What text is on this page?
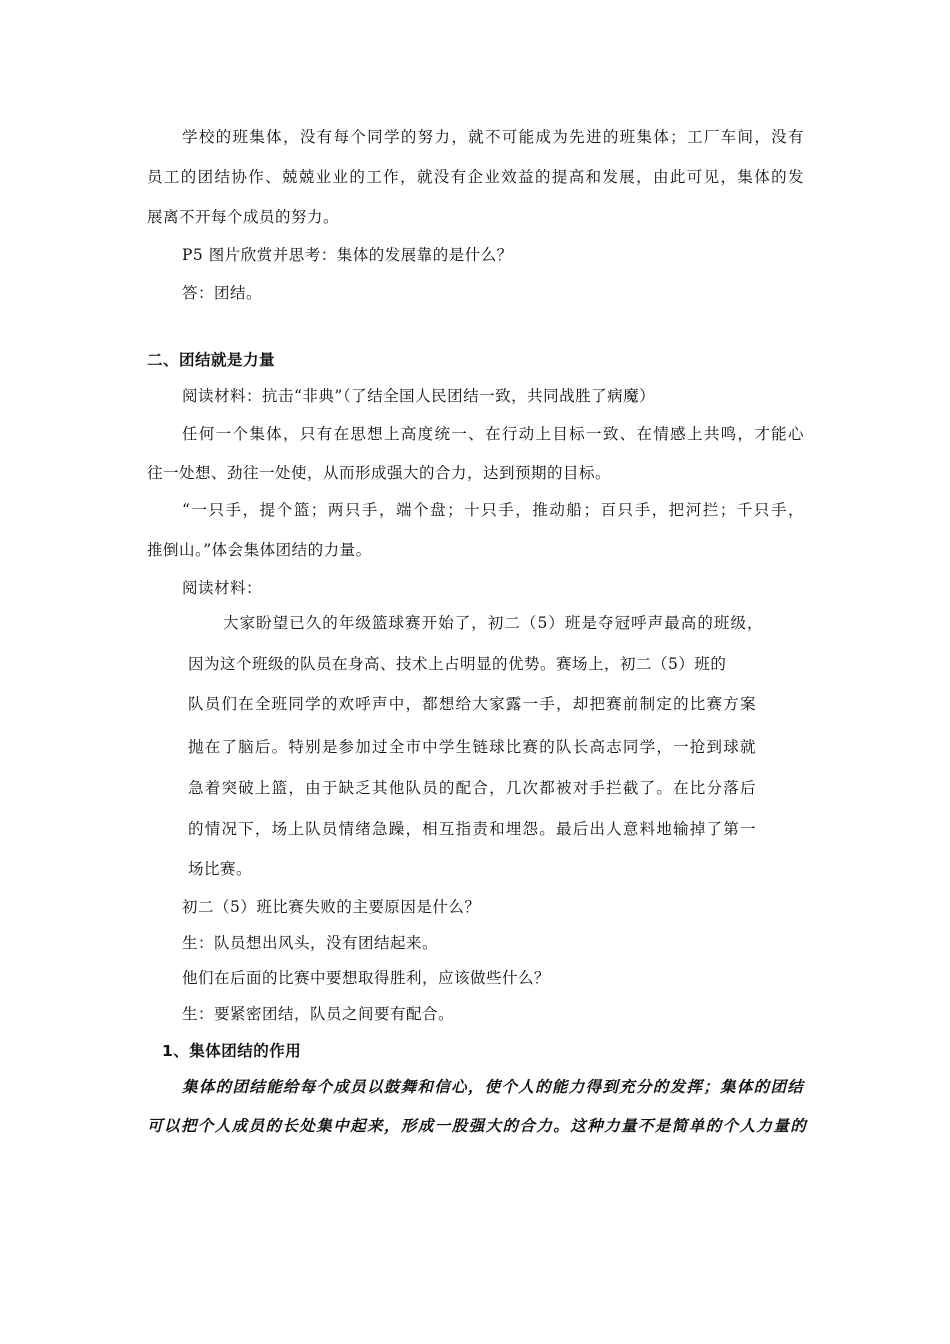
学校的班集体，没有每个同学的努力，就不可能成为先进的班集体；工厂车间，没有
员工的团结协作、兢兢业业的工作，就没有企业效益的提高和发展，由此可见，集体的发
展离不开每个成员的努力。
P5 图片欣赏并思考：集体的发展靠的是什么？
答：团结。
二、团结就是力量
阅读材料：抗击“非典”（了结全国人民团结一致，共同战胜了病魔）
任何一个集体，只有在思想上高度统一、在行动上目标一致、在情感上共鸣，才能心
往一处想、劲往一处使，从而形成强大的合力，达到预期的目标。
“一只手，提个篮；两只手，端个盘；十只手，推动船；百只手，把河拦；千只手，
推倒山。”体会集体团结的力量。
阅读材料：
大家盼望已久的年级篮球赛开始了，初二（5）班是夺冠呼声最高的班级，
因为这个班级的队员在身高、技术上占明显的优势。赛场上，初二（5）班的
队员们在全班同学的欢呼声中，都想给大家露一手，却把赛前制定的比赛方案
抛在了脑后。特别是参加过全市中学生链球比赛的队长高志同学，一抢到球就
急着突破上篮，由于缺乏其他队员的配合，几次都被对手拦截了。在比分落后
的情况下，场上队员情绪急躁，相互指责和埋怨。最后出人意料地输掉了第一
场比赛。
初二（5）班比赛失败的主要原因是什么？
生：队员想出风头，没有团结起来。
他们在后面的比赛中要想取得胜利，应该做些什么？
生：要紧密团结，队员之间要有配合。
1、集体团结的作用
集体的团结能给每个成员以鼓舞和信心，使个人的能力得到充分的发挥；集体的团结
可以把个人成员的长处集中起来，形成一股强大的合力。这种力量不是简单的个人力量的
